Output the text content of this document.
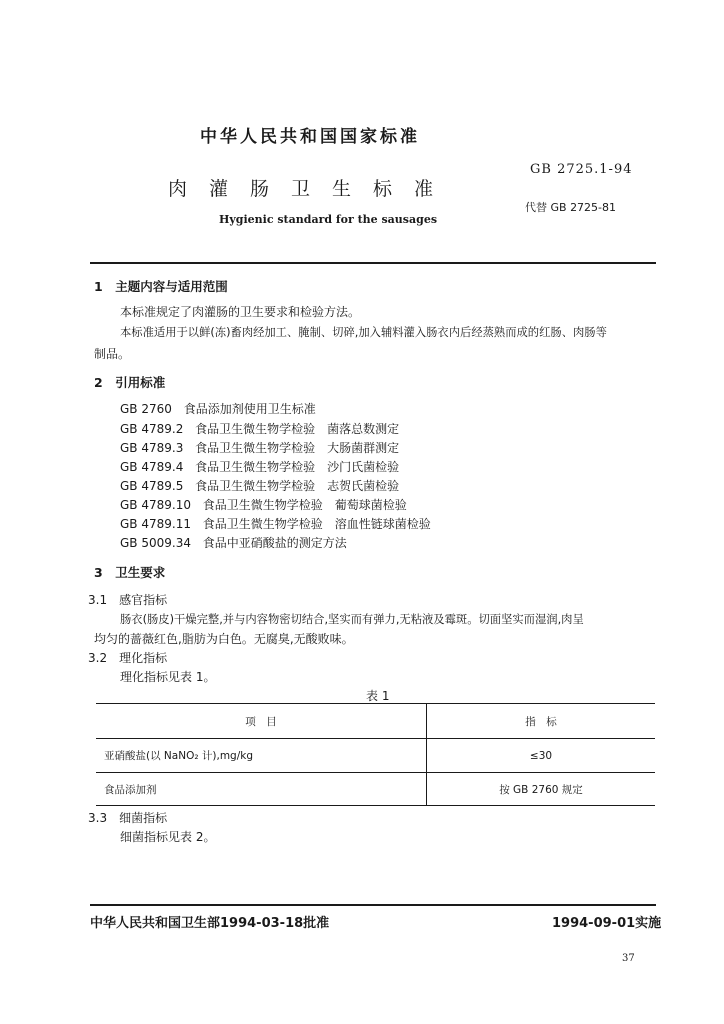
中华人民共和国国家标准
GB 2725.1-94
肉灌肠卫生标准
代替 GB 2725-81
Hygienic standard for the sausages
1　主题内容与适用范围
本标准规定了肉灌肠的卫生要求和检验方法。
本标准适用于以鲜(冻)畜肉经加工、腌制、切碎,加入辅料灌入肠衣内后经蒸熟而成的红肠、肉肠等
制品。
2　引用标准
GB 2760 食品添加剂使用卫生标准
GB 4789.2 食品卫生微生物学检验　菌落总数测定
GB 4789.3 食品卫生微生物学检验　大肠菌群测定
GB 4789.4 食品卫生微生物学检验　沙门氏菌检验
GB 4789.5 食品卫生微生物学检验　志贺氏菌检验
GB 4789.10 食品卫生微生物学检验　葡萄球菌检验
GB 4789.11 食品卫生微生物学检验　溶血性链球菌检验
GB 5009.34 食品中亚硝酸盐的测定方法
3　卫生要求
3.1　感官指标
肠衣(肠皮)干燥完整,并与内容物密切结合,坚实而有弹力,无粘液及霉斑。切面坚实而湿润,肉呈
均匀的蔷薇红色,脂肪为白色。无腐臭,无酸败味。
3.2　理化指标
理化指标见表 1。
表 1
项　目	指　标
亚硝酸盐(以 NaNO₂ 计),mg/kg	≤30
食品添加剂	按 GB 2760 规定
3.3　细菌指标
细菌指标见表 2。
中华人民共和国卫生部1994-03-18批准	1994-09-01实施
37
